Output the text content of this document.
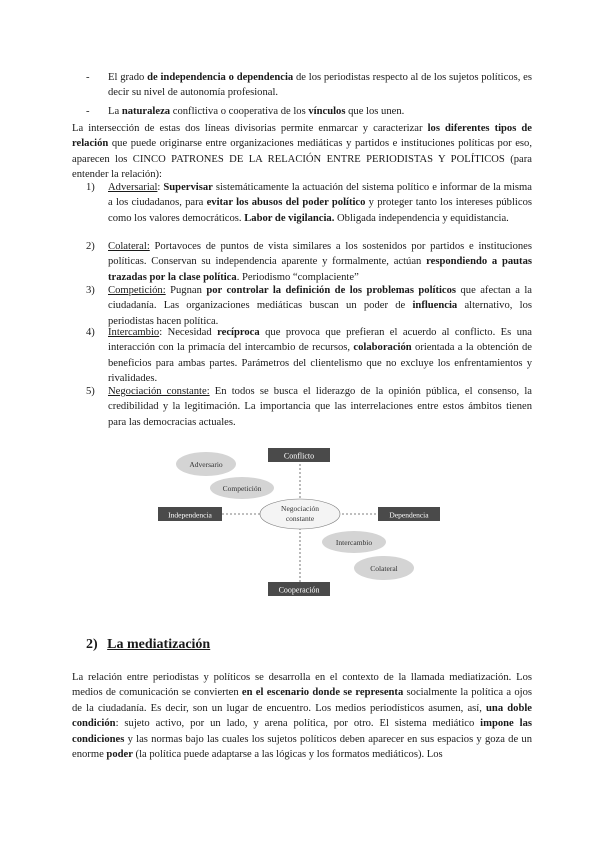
- El grado de independencia o dependencia de los periodistas respecto al de los sujetos políticos, es decir su nivel de autonomía profesional.
- La naturaleza conflictiva o cooperativa de los vínculos que los unen.
La intersección de estas dos líneas divisorias permite enmarcar y caracterizar los diferentes tipos de relación que puede originarse entre organizaciones mediáticas y partidos e instituciones políticas por eso, aparecen los CINCO PATRONES DE LA RELACIÓN ENTRE PERIODISTAS Y POLÍTICOS (para entender la relación):
1) Adversarial: Supervisar sistemáticamente la actuación del sistema político e informar de la misma a los ciudadanos, para evitar los abusos del poder político y proteger tanto los intereses públicos como los valores democráticos. Labor de vigilancia. Obligada independencia y equidistancia.
2) Colateral: Portavoces de puntos de vista similares a los sostenidos por partidos e instituciones políticas. Conservan su independencia aparente y formalmente, actúan respondiendo a pautas trazadas por la clase política. Periodismo “complaciente”
3) Competición: Pugnan por controlar la definición de los problemas políticos que afectan a la ciudadanía. Las organizaciones mediáticas buscan un poder de influencia alternativo, los periodistas hacen política.
4) Intercambio: Necesidad recíproca que provoca que prefieran el acuerdo al conflicto. Es una interacción con la primacía del intercambio de recursos, colaboración orientada a la obtención de beneficios para ambas partes. Parámetros del clientelismo que no excluye los enfrentamientos y rivalidades.
5) Negociación constante: En todos se busca el liderazgo de la opinión pública, el consenso, la credibilidad y la legitimación. La importancia que las interrelaciones entre estos ámbitos tienen para las democracias actuales.
Conflicto
Cooperación
Independencia	Dependencia
Negociación
constante
Adversario
Competición
Intercambio
Colateral
2) La mediatización
La relación entre periodistas y políticos se desarrolla en el contexto de la llamada mediatización. Los medios de comunicación se convierten en el escenario donde se representa socialmente la política a ojos de la ciudadanía. Es decir, son un lugar de encuentro. Los medios periodísticos asumen, así, una doble condición: sujeto activo, por un lado, y arena política, por otro. El sistema mediático impone las condiciones y las normas bajo las cuales los sujetos políticos deben aparecer en sus espacios y goza de un enorme poder (la política puede adaptarse a las lógicas y los formatos mediáticos). Los
